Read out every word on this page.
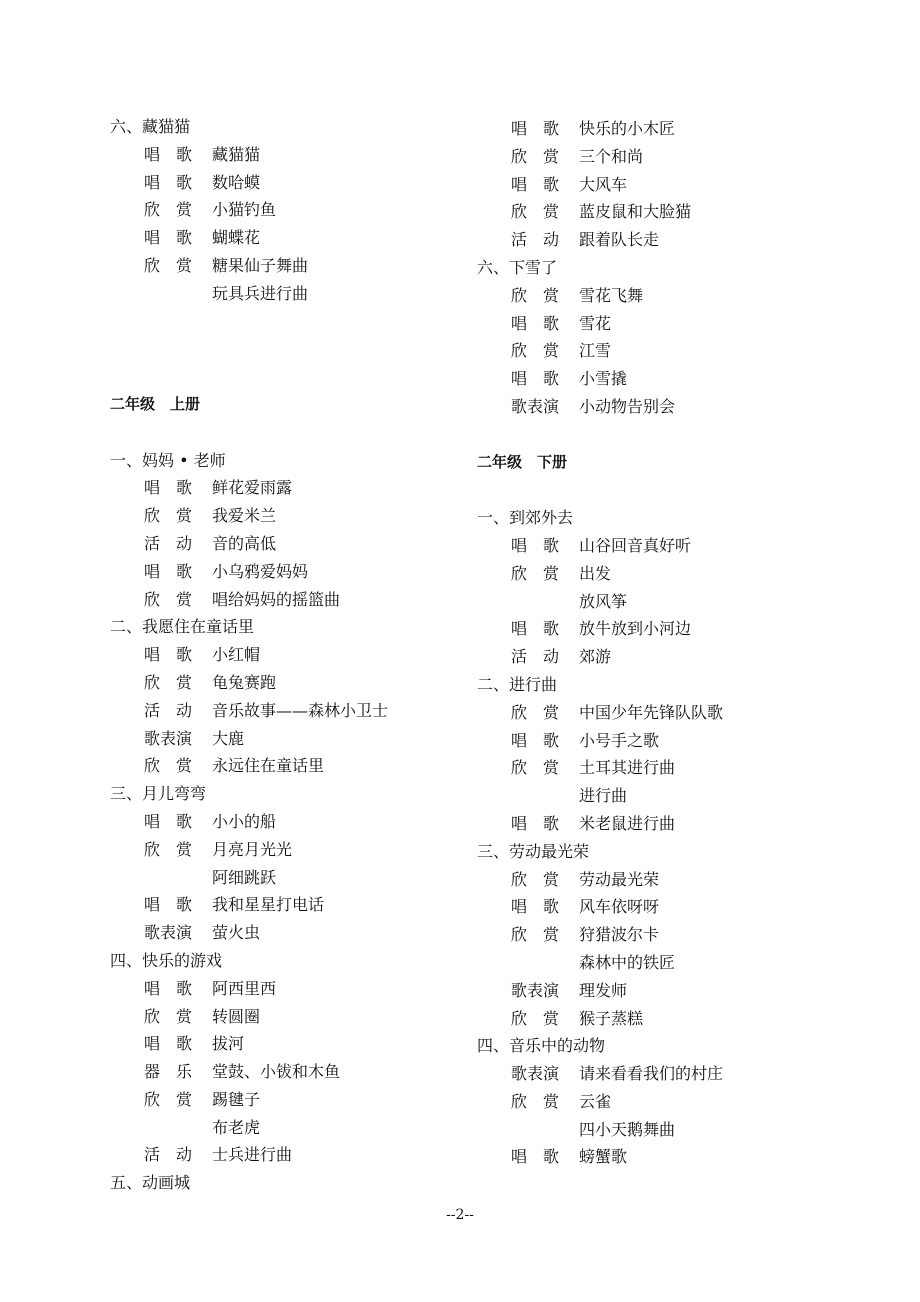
六、藏猫猫
唱　歌 藏猫猫
唱　歌 数哈蟆
欣　赏 小猫钓鱼
唱　歌 蝴蝶花
欣　赏 糖果仙子舞曲
玩具兵进行曲
二年级　上册
一、妈妈 • 老师
唱　歌 鲜花爱雨露
欣　赏 我爱米兰
活　动 音的高低
唱　歌 小乌鸦爱妈妈
欣　赏 唱给妈妈的摇篮曲
二、我愿住在童话里
唱　歌 小红帽
欣　赏 龟兔赛跑
活　动 音乐故事——森林小卫士
歌表演 大鹿
欣　赏 永远住在童话里
三、月儿弯弯
唱　歌 小小的船
欣　赏 月亮月光光
阿细跳跃
唱　歌 我和星星打电话
歌表演 萤火虫
四、快乐的游戏
唱　歌 阿西里西
欣　赏 转圆圈
唱　歌 拔河
器　乐 堂鼓、小钹和木鱼
欣　赏 踢毽子
布老虎
活　动 士兵进行曲
五、动画城
唱　歌 快乐的小木匠
欣　赏 三个和尚
唱　歌 大风车
欣　赏 蓝皮鼠和大脸猫
活　动 跟着队长走
六、下雪了
欣　赏 雪花飞舞
唱　歌 雪花
欣　赏 江雪
唱　歌 小雪撬
歌表演 小动物告别会
二年级　下册
一、到郊外去
唱　歌 山谷回音真好听
欣　赏 出发
放风筝
唱　歌 放牛放到小河边
活　动 郊游
二、进行曲
欣　赏 中国少年先锋队队歌
唱　歌 小号手之歌
欣　赏 土耳其进行曲
进行曲
唱　歌 米老鼠进行曲
三、劳动最光荣
欣　赏 劳动最光荣
唱　歌 风车依呀呀
欣　赏 狩猎波尔卡
森林中的铁匠
歌表演 理发师
欣　赏 猴子蒸糕
四、音乐中的动物
歌表演 请来看看我们的村庄
欣　赏 云雀
四小天鹅舞曲
唱　歌 螃蟹歌
--2--
